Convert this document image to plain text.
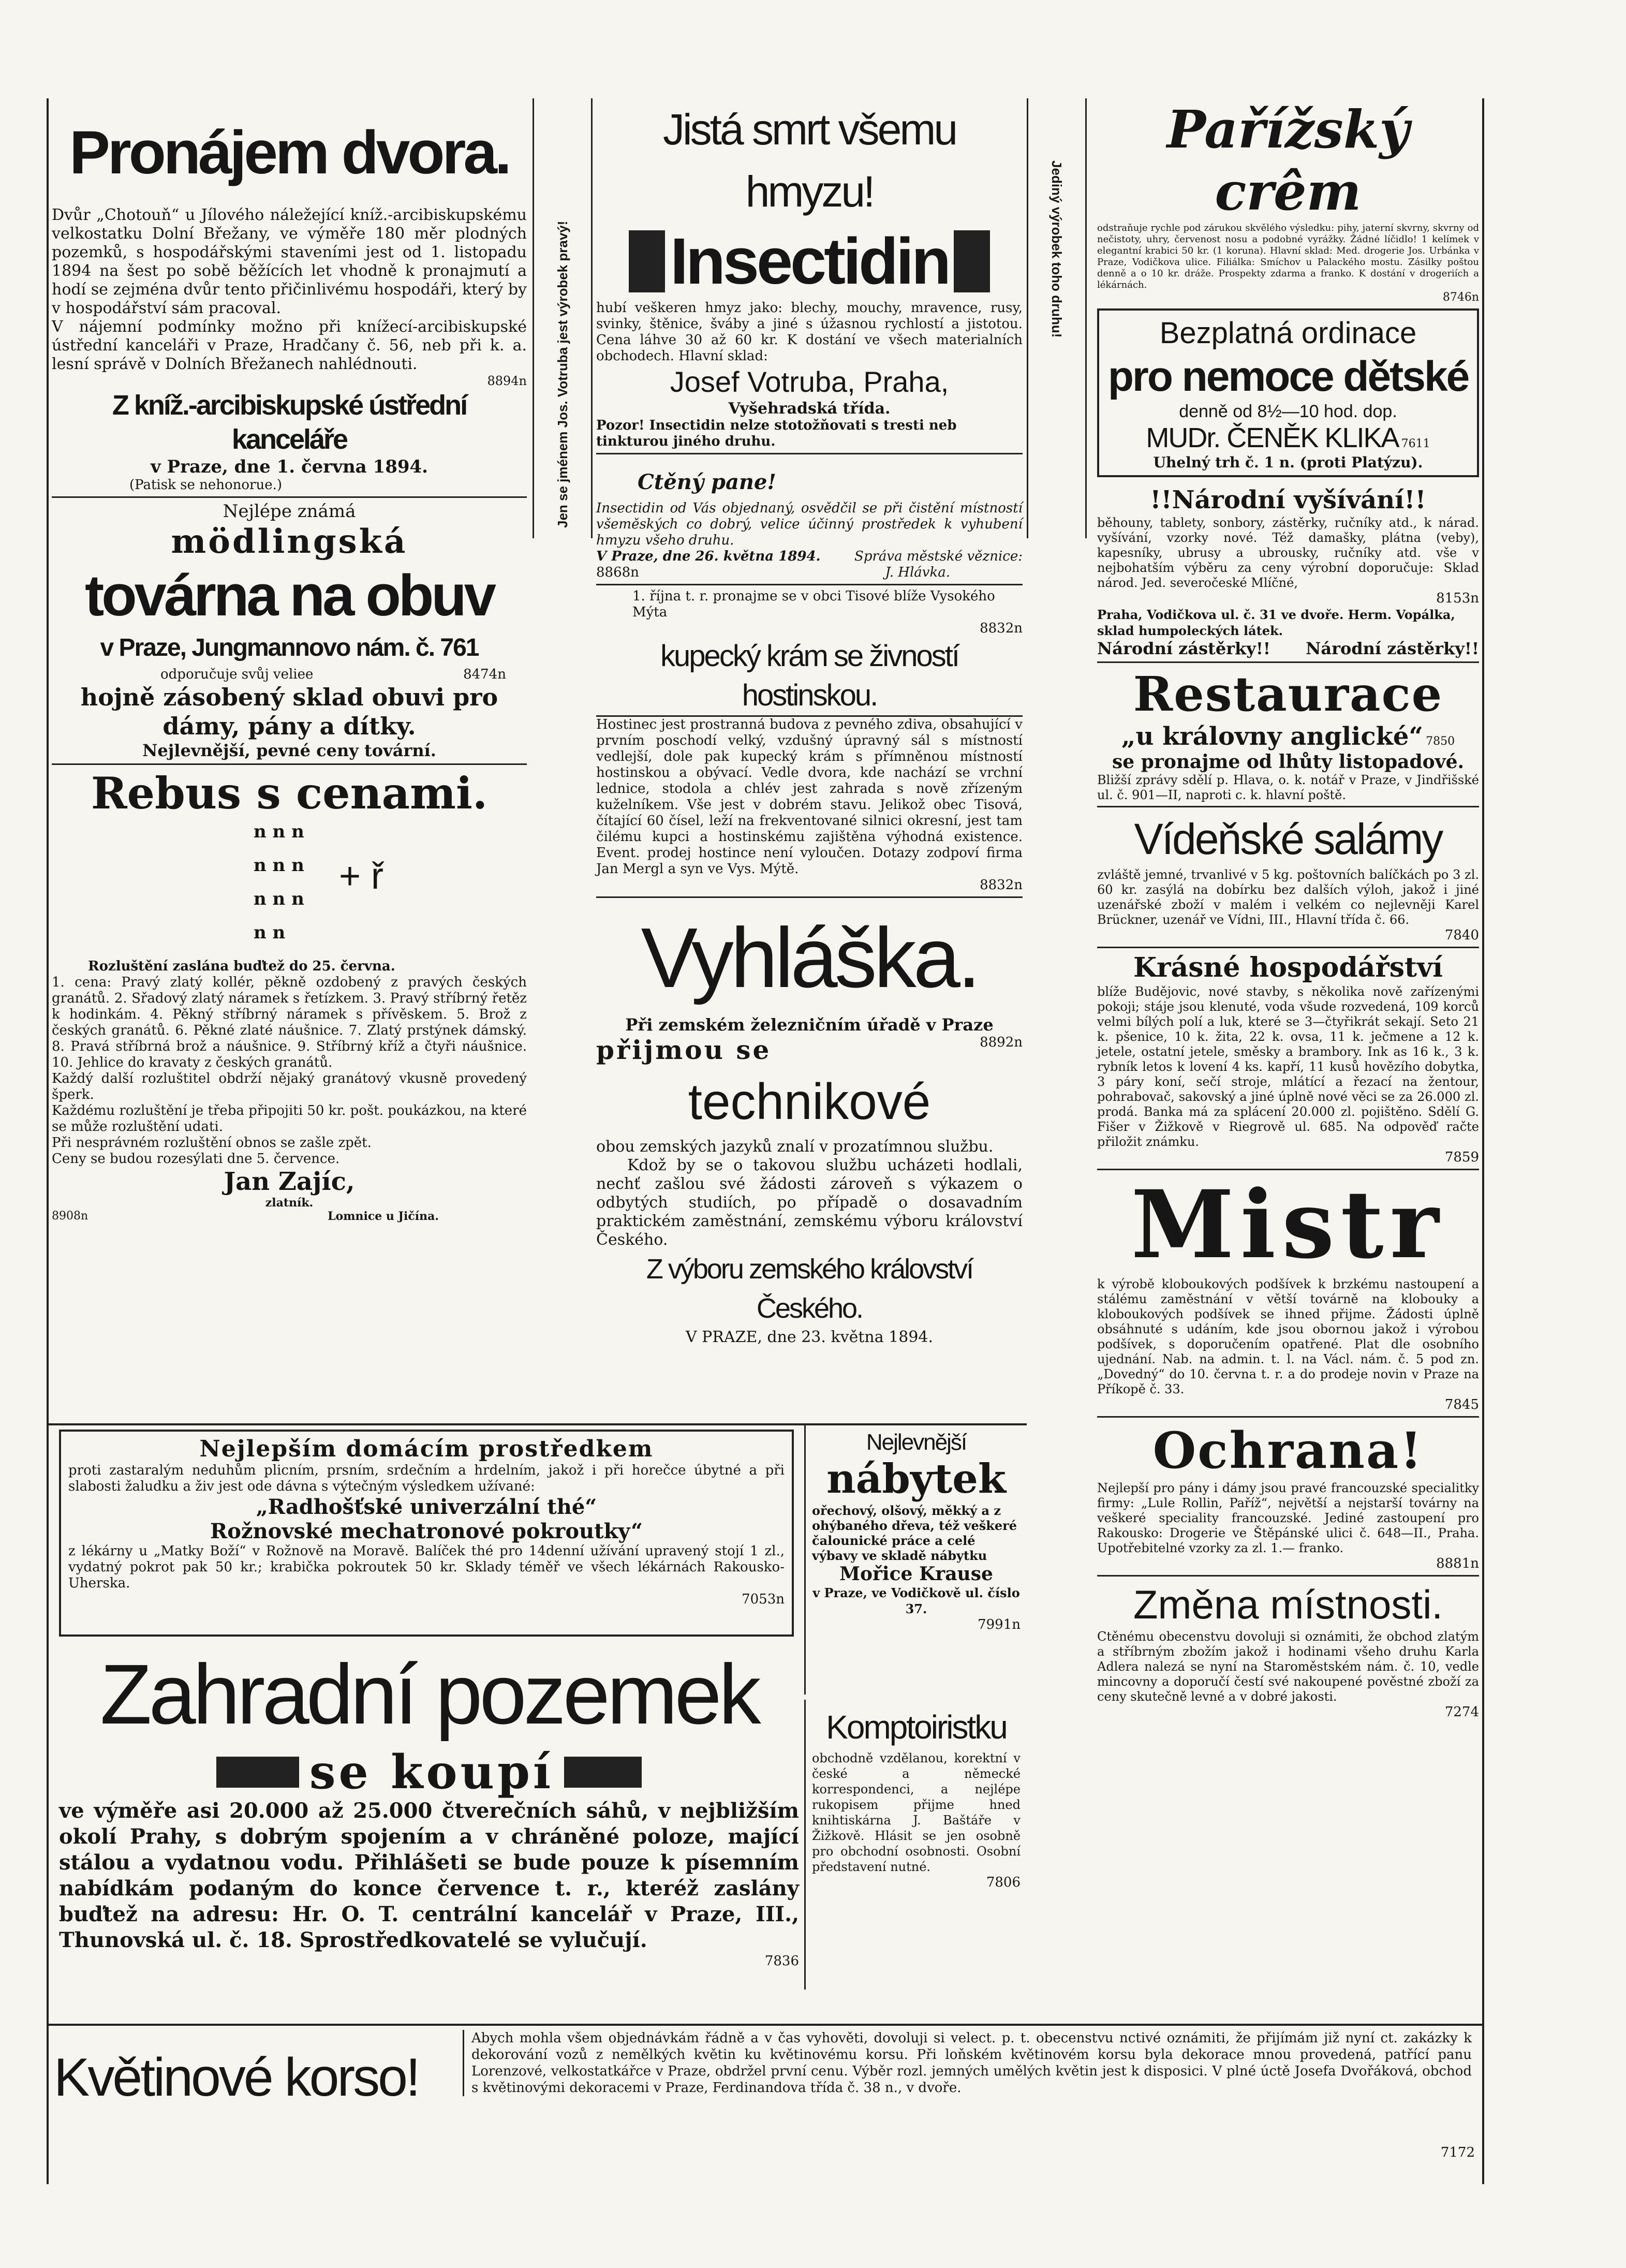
Pronájem dvora.
Dvůr „Chotouň“ u Jílového náležející kníž.-arcibiskupskému velkostatku Dolní Břežany, ve výměře 180 měr plodných pozemků, s hospodářskými staveními jest od 1. listopadu 1894 na šest po sobě běžících let vhodně k pronajmutí a hodí se zejména dvůr tento přičinlivému hospodáři, který by v hospodářství sám pracoval.
V nájemní podmínky možno při knížecí-arcibiskupské ústřední kanceláři v Praze, Hradčany č. 56, neb při k. a. lesní správě v Dolních Břežanech nahlédnouti.
8894n
Z kníž.-arcibiskupské ústřední kanceláře
v Praze, dne 1. června 1894.
(Patisk se nehonorue.)
Nejlépe známá
mödlingská
továrna na obuv
v Praze, Jungmannovo nám. č. 761
odporučuje svůj veliee	8474n
hojně zásobený sklad obuvi pro dámy, pány a dítky.
Nejlevnější, pevné ceny tovární.
Rebus s cenami.
n n n
n n n
n n n
n n
+ ř
Rozluštění zaslána buďtež do 25. června.
1. cena: Pravý zlatý kollér, pěkně ozdobený z pravých českých granátů. 2. Sřadový zlatý náramek s řetízkem. 3. Pravý stříbrný řetěz k hodinkám. 4. Pěkný stříbrný náramek s přívěskem. 5. Brož z českých granátů. 6. Pěkné zlaté náušnice. 7. Zlatý prstýnek dámský. 8. Pravá stříbrná brož a náušnice. 9. Stříbrný kříž a čtyři náušnice. 10. Jehlice do kravaty z českých granátů.
Každý další rozluštitel obdrží nějaký granátový vkusně provedený šperk.
Každému rozluštění je třeba připojiti 50 kr. pošt. poukázkou, na které se může rozluštění udati.
Při nesprávném rozluštění obnos se zašle zpět.
Ceny se budou rozesýlati dne 5. července.
Jan Zajíc,
zlatník.
8908n	Lomnice u Jičína.
Jen se jménem Jos. Votruba jest výrobek pravý!
Jistá smrt všemu hmyzu!
Insectidin
hubí veškeren hmyz jako: blechy, mouchy, mravence, rusy, svinky, štěnice, šváby a jiné s úžasnou rychlostí a jistotou. Cena láhve 30 až 60 kr. K dostání ve všech materialních obchodech. Hlavní sklad:
Josef Votruba, Praha,
Vyšehradská třída.
Pozor! Insectidin nelze stotožňovati s tresti neb tinkturou jiného druhu.
Ctěný pane!
Insectidin od Vás objednaný, osvědčil se při čistění místností všeměských co dobrý, velice účinný prostředek k vyhubení hmyzu všeho druhu.
V Praze, dne 26. května 1894.	Správa městské věznice:
8868n	J. Hlávka.
1. října t. r. pronajme se v obci Tisové blíže Vysokého Mýta
8832n
kupecký krám se živností hostinskou.
Hostinec jest prostranná budova z pevného zdiva, obsahující v prvním poschodí velký, vzdušný úpravný sál s místností vedlejší, dole pak kupecký krám s přímněnou místností hostinskou a obývací. Vedle dvora, kde nachází se vrchní lednice, stodola a chlév jest zahrada s nově zřízeným kuželníkem. Vše jest v dobrém stavu. Jelikož obec Tisová, čítající 60 čísel, leží na frekventované silnici okresní, jest tam čilému kupci a hostinskému zajištěna výhodná existence. Event. prodej hostince není vyloučen. Dotazy zodpoví firma Jan Mergl a syn ve Vys. Mýtě.
8832n
Vyhláška.
Při zemském železničním úřadě v Praze
přijmou se	8892n
technikové
obou zemských jazyků znalí v prozatímnou službu.
Kdož by se o takovou službu ucházeti hodlali, nechť zašlou své žádosti zároveň s výkazem o odbytých studiích, po případě o dosavadním praktickém zaměstnání, zemskému výboru království Českého.
Z výboru zemského království Českého.
V PRAZE, dne 23. května 1894.
Jediný výrobek toho druhu!
Pařížský crêm
odstraňuje rychle pod zárukou skvělého výsledku: pihy, jaterní skvrny, skvrny od nečistoty, uhry, červenost nosu a podobné vyrážky. Žádné líčidlo! 1 kelímek v elegantní krabici 50 kr. (1 koruna). Hlavní sklad: Med. drogerie Jos. Urbánka v Praze, Vodičkova ulice. Filiálka: Smíchov u Palackého mostu. Zásilky poštou denně a o 10 kr. dráže. Prospekty zdarma a franko. K dostání v drogeriích a lékárnách.
8746n
Bezplatná ordinace
pro nemoce dětské
denně od 8½—10 hod. dop.
MUDr. ČENĚK KLIKA 7611
Uhelný trh č. 1 n. (proti Platýzu).
!!Národní vyšívání!!
běhouny, tablety, sonbory, zástěrky, ručníky atd., k nárad. vyšívání, vzorky nové. Též damašky, plátna (veby), kapesníky, ubrusy a ubrousky, ručníky atd. vše v nejbohatším výběru za ceny výrobní doporučuje: Sklad národ. Jed. severočeské Mlíčné,
8153n
Praha, Vodičkova ul. č. 31 ve dvoře. Herm. Vopálka, sklad humpoleckých látek.
Národní zástěrky!! Národní zástěrky!!
Restaurace
„u královny anglické“ 7850
se pronajme od lhůty listopadové.
Bližší zprávy sdělí p. Hlava, o. k. notář v Praze, v Jindřišské ul. č. 901—II, naproti c. k. hlavní poště.
Vídeňské salámy
zvláště jemné, trvanlivé v 5 kg. poštovních balíčkách po 3 zl. 60 kr. zasýlá na dobírku bez dalších výloh, jakož i jiné uzenářské zboží v malém i velkém co nejlevněji Karel Brückner, uzenář ve Vídni, III., Hlavní třída č. 66.
7840
Krásné hospodářství
blíže Budějovic, nové stavby, s několika nově zařízenými pokoji; stáje jsou klenuté, voda všude rozvedená, 109 korců velmi bílých polí a luk, které se 3—čtyřikrát sekají. Seto 21 k. pšenice, 10 k. žita, 22 k. ovsa, 11 k. ječmene a 12 k. jetele, ostatní jetele, směsky a brambory. Ink as 16 k., 3 k. rybník letos k lovení 4 ks. kapří, 11 kusů hovězího dobytka, 3 páry koní, sečí stroje, mlátící a řezací na žentour, pohrabovač, sakovský a jiné úplně nové věci se za 26.000 zl. prodá. Banka má za splácení 20.000 zl. pojištěno. Sdělí G. Fišer v Žižkově v Riegrově ul. 685. Na odpověď račte přiložit známku.
7859
Mistr
k výrobě kloboukových podšívek k brzkému nastoupení a stálému zaměstnání v větší továrně na klobouky a kloboukových podšívek se ihned přijme. Žádosti úplně obsáhnuté s udáním, kde jsou obornou jakož i výrobou podšívek, s doporučením opatřené. Plat dle osobního ujednání. Nab. na admin. t. l. na Václ. nám. č. 5 pod zn. „Dovedný“ do 10. června t. r. a do prodeje novin v Praze na Příkopě č. 33.
7845
Ochrana!
Nejlepší pro pány i dámy jsou pravé francouzské specialitky firmy: „Lule Rollin, Paříž“, největší a nejstarší továrny na veškeré speciality francouzské. Jediné zastoupení pro Rakousko: Drogerie ve Štěpánské ulici č. 648—II., Praha. Upotřebitelné vzorky za zl. 1.— franko.
8881n
Změna místnosti.
Ctěnému obecenstvu dovoluji si oznámiti, že obchod zlatým a stříbrným zbožím jakož i hodinami všeho druhu Karla Adlera nalezá se nyní na Staroměstském nám. č. 10, vedle mincovny a doporučí čestí své nakoupené pověstné zboží za ceny skutečně levné a v dobré jakosti.
7274
Nejlepším domácím prostředkem
proti zastaralým neduhům plicním, prsním, srdečním a hrdelním, jakož i při horečce úbytné a při slabosti žaludku a živ jest ode dávna s výtečným výsledkem užívané:
„Radhošťské univerzální thé“
Rožnovské mechatronové pokroutky“
z lékárny u „Matky Boží“ v Rožnově na Moravě. Balíček thé pro 14denní užívání upravený stojí 1 zl., vydatný pokrot pak 50 kr.; krabička pokroutek 50 kr. Sklady téměř ve všech lékárnách Rakousko-Uherska.
7053n
Nejlevnější
nábytek
ořechový, olšový, měkký a z ohýbaného dřeva, též veškeré čalounické práce a celé výbavy ve skladě nábytku
Mořice Krause
v Praze, ve Vodičkově ul. číslo 37.
7991n
Zahradní pozemek
se koupí
ve výměře asi 20.000 až 25.000 čtverečních sáhů, v nejbližším okolí Prahy, s dobrým spojením a v chráněné poloze, mající stálou a vydatnou vodu. Přihlášeti se bude pouze k písemním nabídkám podaným do konce července t. r., kteréž zaslány buďtež na adresu: Hr. O. T. centrální kancelář v Praze, III., Thunovská ul. č. 18. Sprostředkovatelé se vylučují.
7836
Komptoiristku
obchodně vzdělanou, korektní v české a německé korrespondenci, a nejlépe rukopisem přijme hned knihtiskárna J. Baštáře v Žižkově. Hlásit se jen osobně pro obchodní osobnosti. Osobní představení nutné.
7806
Květinové korso!
Abych mohla všem objednávkám řádně a v čas vyhověti, dovoluji si velect. p. t. obecenstvu nctivé oznámiti, že přijímám již nyní ct. zakázky k dekorování vozů z nemělkých květin ku květinovému korsu. Při loňském květinovém korsu byla dekorace mnou provedená, patřící panu Lorenzové, velkostatkářce v Praze, obdržel první cenu. Výběr rozl. jemných umělých květin jest k disposici. V plné úctě Josefa Dvořáková, obchod s květinovými dekoracemi v Praze, Ferdinandova třída č. 38 n., v dvoře.
7172
